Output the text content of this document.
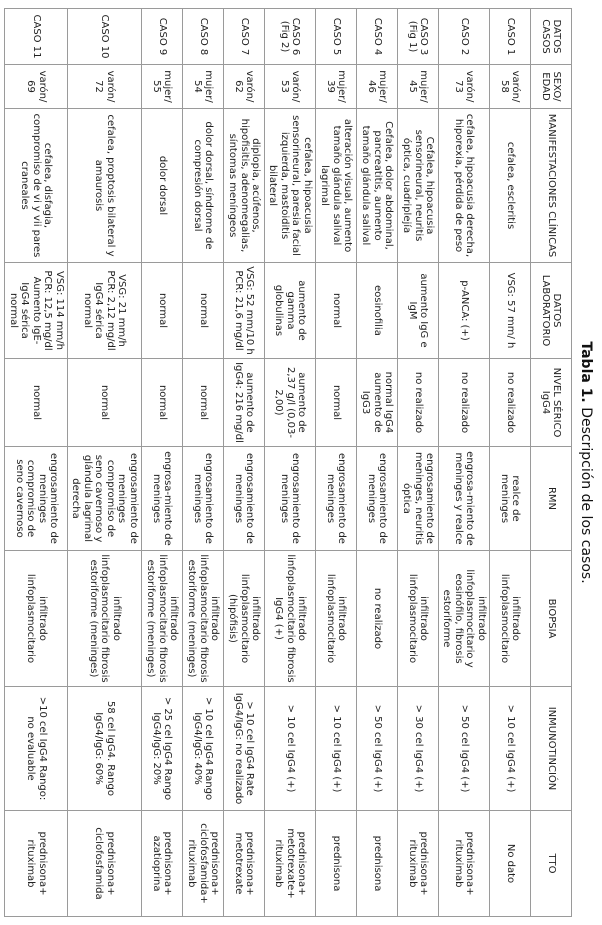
Tabla 1. Descripción de los casos.
DATOS CASOS	SEXO/ EDAD	MANIFESTACIONES CLÍNICAS	DATOS LABORATORIO	NIVEL SÉRICO IgG4	RMN	BIOPSIA	INMUNOTINCIÓN	TTO
CASO 1	varón/ 58	cefalea, escleritis	VSG: 57 mm/ h	no realizado	realce de meninges	infiltrado linfoplasmocitario	> 10 cel IgG4 (+)	No dato
CASO 2	varón/ 73	cefalea, hipoacusia derecha, hiporexia, pérdida de peso	p-ANCA: (+)	no realizado	engrosa-miento de meninges y realce	infiltrado linfoplasmocitario y eosinófilo, fibrosis estoriforme	> 50 cel IgG4 (+)	prednisona+ rituximab
CASO 3 (Fig 1)	mujer/ 45	Cefalea, hipoacusia sensorineural, neuritis óptica, cuadriplejía	aumento IgG e IgM	no realizado	engrosamiento de meninges, neuritis óptica	infiltrado linfoplasmocitario	> 30 cel IgG4 (+)	prednisona+ rituximab
CASO 4	mujer/ 46	Cefalea, dolor abdominal, pancreatitis, aumento tamaño glándula salival	eosinofilia	normal IgG4 aumento de IgG3	engrosamiento de meninges	no realizado	> 50 cel IgG4 (+)	prednisona
CASO 5	mujer/ 39	alteración visual, aumento tamaño glándula salival lagrimal	normal	normal	engrosamiento de meninges	infiltrado linfoplasmocitario	> 10 cel IgG4 (+)	prednisona
CASO 6 (Fig 2)	varón/ 53	cefalea, hipoacusia sensorineural, paresia facial izquierda, mastoiditis bilateral	aumento de gamma globulinas	aumento de 2,37 g/l (0,03-2,00)	engrosamiento de meninges	infiltrado linfoplasmocitario fibrosis IgG4 (+)	> 10 cel IgG4 (+)	prednisona+ metotrexate+ rituximab
CASO 7	varón/ 62	diplopia, acúfenos, hipofisitis, adenomegalias, síntomas meníngeos	VSG: 52 mm/10 h PCR: 21,6 mg/dl	aumento de IgG4: 216 mg/dl	engrosamiento de meninges	infiltrado linfoplasmocitario (hipófisis)	> 10 cel IgG4 Rate IgG4/IgG: no realizado	prednisona+ metotrexate
CASO 8	mujer/ 54	dolor dorsal, síndrome de compresión dorsal	normal	normal	engrosamiento de meninges	infiltrado linfoplasmocitario fibrosis estoriforme (meninges)	> 10 cel IgG4 Rango IgG4/IgG: 40%	prednisona+ ciclofosfamida+ rituximab
CASO 9	mujer/ 55	dolor dorsal	normal	normal	engrosa-miento de meninges	infiltrado linfoplasmocitario fibrosis estoriforme (meninges)	> 25 cel IgG4 Rango IgG4/IgG: 20%	prednisona+ azatioprina
CASO 10	varón/ 72	cefalea, proptosis bilateral y amaurosis	VSG: 21 mm/h PCR: 2,12 mg/dl IgG4 sérica normal	normal	engrosamiento de meninges compromiso de seno cavernoso y glándula lagrimal derecha	infiltrado linfoplasmocitario fibrosis estoriforme (meninges)	58 cel IgG4. Rango IgG4/IgG: 60%	prednisona+ ciclofosfamida
CASO 11	varón/ 69	cefalea, disfagia, compromiso de vi y vii pares craneales	VSG: 114 mm/h PCR: 12,5 mg/dl Aumento IgE- IgG4 sérica normal	normal	engrosamiento de meninges compromiso de seno cavernoso	infiltrado linfoplasmocitario	>10 cel IgG4 Rango: no evaluable	prednisona+ rituximab
